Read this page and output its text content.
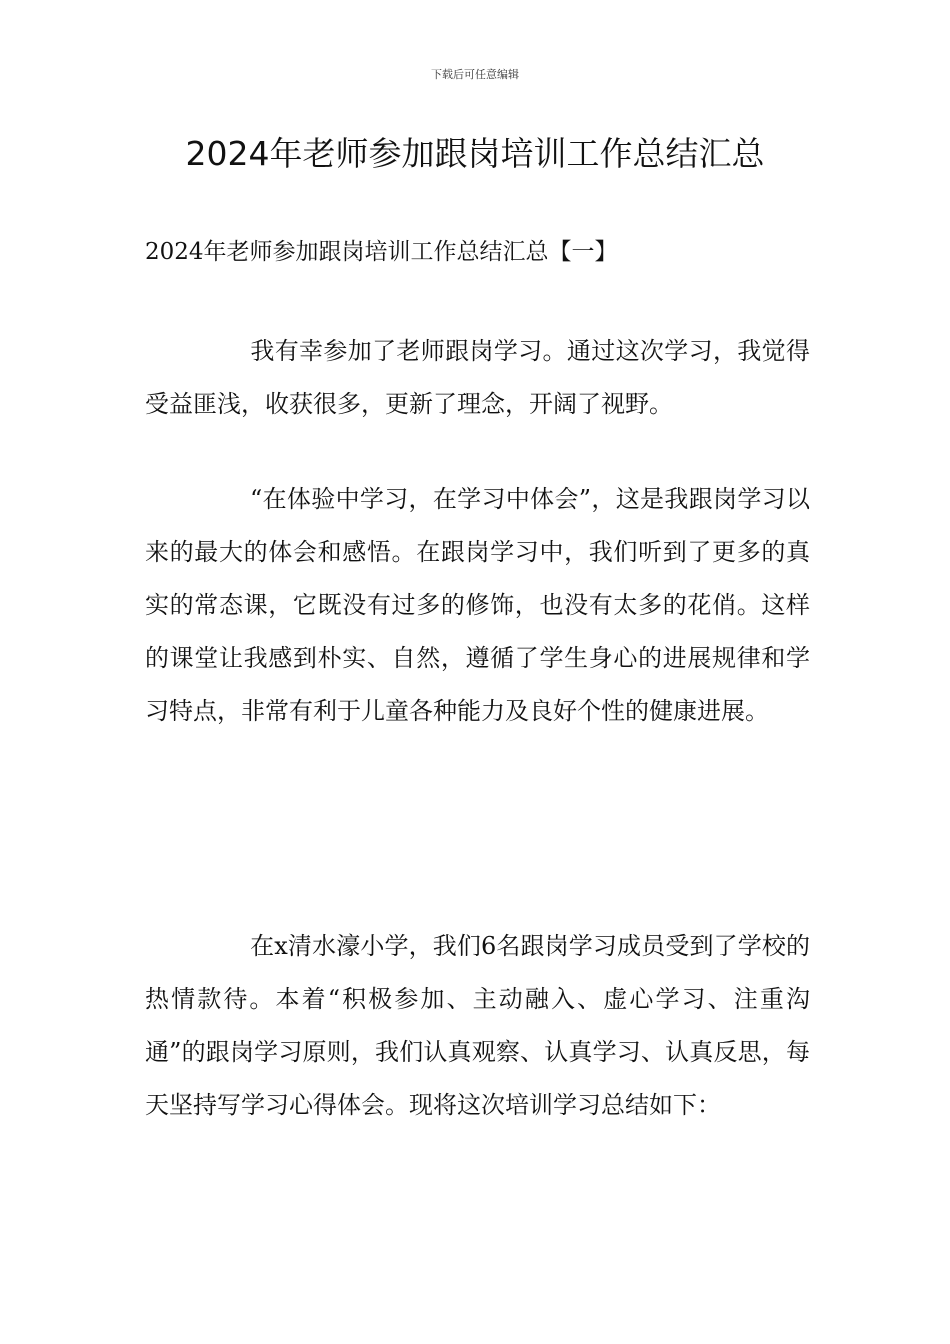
下载后可任意编辑
2024年老师参加跟岗培训工作总结汇总
2024年老师参加跟岗培训工作总结汇总【一】
我有幸参加了老师跟岗学习。通过这次学习，我觉得受益匪浅，收获很多，更新了理念，开阔了视野。
“在体验中学习，在学习中体会”，这是我跟岗学习以来的最大的体会和感悟。在跟岗学习中，我们听到了更多的真实的常态课，它既没有过多的修饰，也没有太多的花俏。这样的课堂让我感到朴实、自然，遵循了学生身心的进展规律和学习特点，非常有利于儿童各种能力及良好个性的健康进展。
在x清水濠小学，我们6名跟岗学习成员受到了学校的热情款待。本着“积极参加、主动融入、虚心学习、注重沟通”的跟岗学习原则，我们认真观察、认真学习、认真反思，每天坚持写学习心得体会。现将这次培训学习总结如下：
